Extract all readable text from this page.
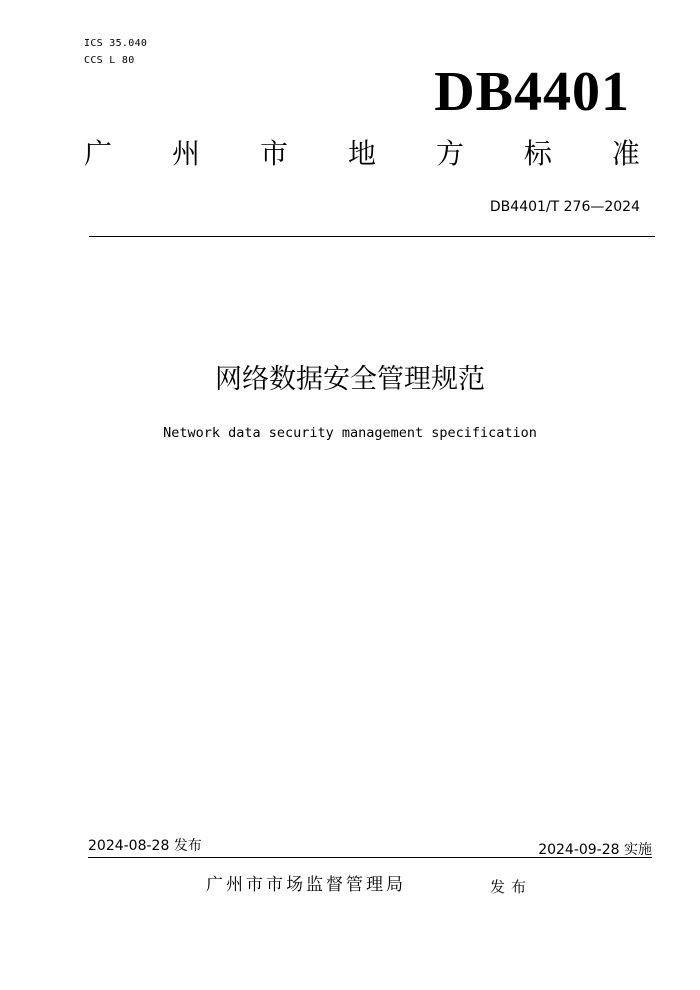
ICS 35.040
CCS L 80
DB4401
广 州 市 地 方 标 准
DB4401/T 276—2024
网络数据安全管理规范
Network data security management specification
2024-08-28 发布	2024-09-28 实施
广州市市场监督管理局	发布
